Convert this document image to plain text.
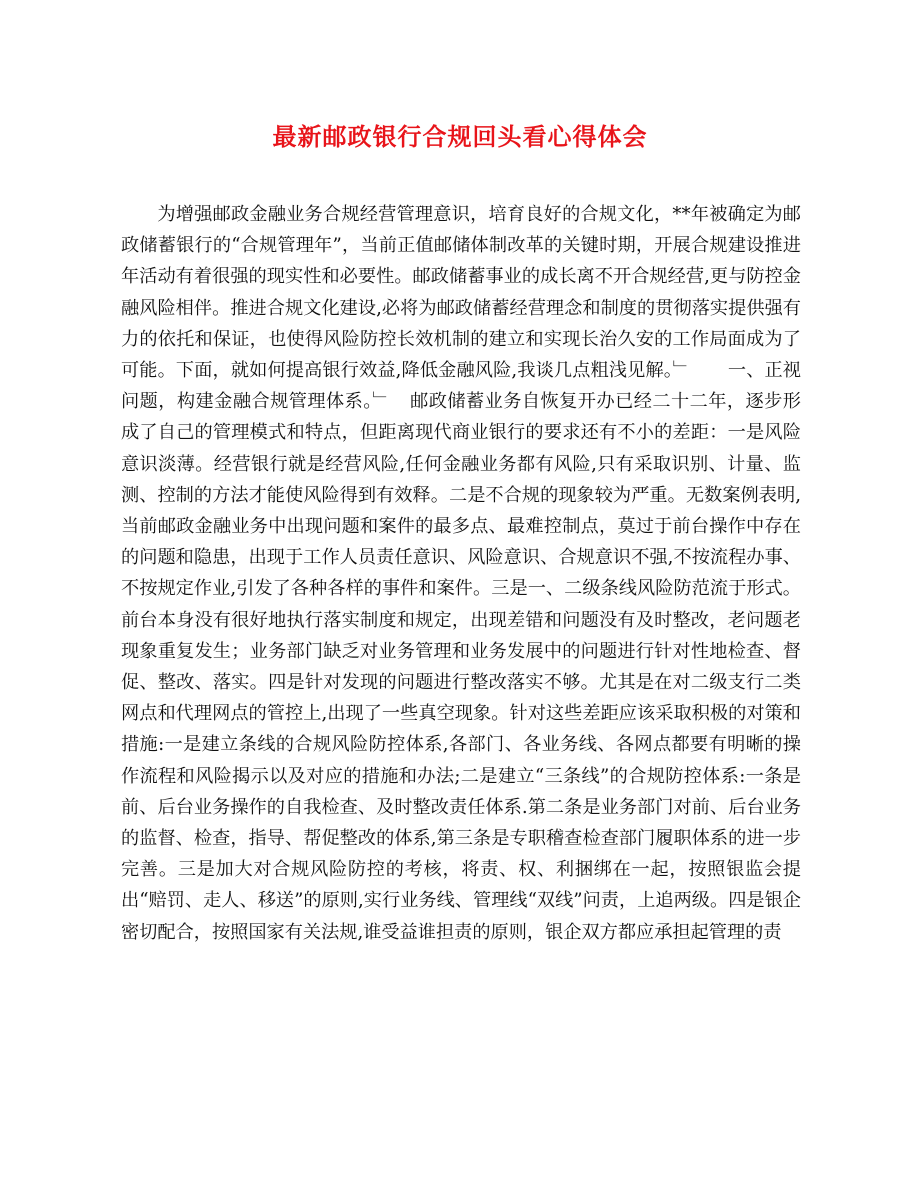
最新邮政银行合规回头看心得体会

为增强邮政金融业务合规经营管理意识，培育良好的合规文化，**年被确定为邮政储蓄银行的“合规管理年”，当前正值邮储体制改革的关键时期，开展合规建设推进年活动有着很强的现实性和必要性。邮政储蓄事业的成长离不开合规经营,更与防控金融风险相伴。推进合规文化建设,必将为邮政储蓄经营理念和制度的贯彻落实提供强有力的依托和保证，也使得风险防控长效机制的建立和实现长治久安的工作局面成为了可能。下面，就如何提高银行效益,降低金融风险,我谈几点粗浅见解。﹂　　一、正视问题，构建金融合规管理体系。﹂　邮政储蓄业务自恢复开办已经二十二年，逐步形成了自己的管理模式和特点，但距离现代商业银行的要求还有不小的差距：一是风险意识淡薄。经营银行就是经营风险,任何金融业务都有风险,只有采取识别、计量、监测、控制的方法才能使风险得到有效释。二是不合规的现象较为严重。无数案例表明,当前邮政金融业务中出现问题和案件的最多点、最难控制点，莫过于前台操作中存在的问题和隐患，出现于工作人员责任意识、风险意识、合规意识不强,不按流程办事、不按规定作业,引发了各种各样的事件和案件。三是一、二级条线风险防范流于形式。前台本身没有很好地执行落实制度和规定，出现差错和问题没有及时整改，老问题老现象重复发生；业务部门缺乏对业务管理和业务发展中的问题进行针对性地检查、督促、整改、落实。四是针对发现的问题进行整改落实不够。尤其是在对二级支行二类网点和代理网点的管控上,出现了一些真空现象。针对这些差距应该采取积极的对策和措施:一是建立条线的合规风险防控体系,各部门、各业务线、各网点都要有明晰的操作流程和风险揭示以及对应的措施和办法;二是建立“三条线”的合规防控体系:一条是前、后台业务操作的自我检查、及时整改责任体系.第二条是业务部门对前、后台业务的监督、检查，指导、帮促整改的体系,第三条是专职稽查检查部门履职体系的进一步完善。三是加大对合规风险防控的考核，将责、权、利捆绑在一起，按照银监会提出“赔罚、走人、移送”的原则,实行业务线、管理线“双线”问责，上追两级。四是银企密切配合，按照国家有关法规,谁受益谁担责的原则，银企双方都应承担起管理的责
